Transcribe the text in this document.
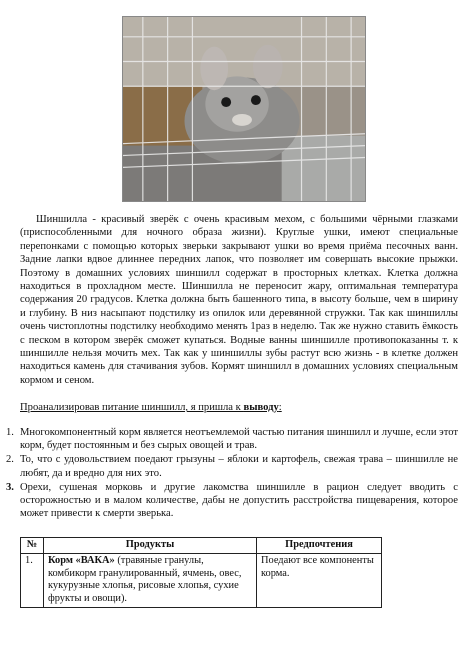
Шиншилла - красивый зверёк с очень красивым мехом, с большими чёрными глазками (приспособленными для ночного образа жизни). Круглые ушки, имеют специальные перепонками с помощью которых зверьки закрывают ушки во время приёма песочных ванн. Задние лапки вдвое длиннее передних лапок, что позволяет им совершать высокие прыжки. Поэтому в домашних условиях шиншилл содержат в просторных клетках. Клетка должна находиться в прохладном месте. Шиншилла не переносит жару, оптимальная температура содержания 20 градусов. Клетка должна быть башенного типа, в высоту больше, чем в ширину и глубину. В низ насыпают подстилку из опилок или деревянной стружки. Так как шиншиллы очень чистоплотны подстилку необходимо менять 1раз в неделю. Так же нужно ставить ёмкость с песком в котором зверёк сможет купаться. Водные ванны шиншилле противопоказанны т. к шиншилле нельзя мочить мех. Так как у шиншиллы зубы растут всю жизнь - в клетке должен находиться камень для стачивания зубов. Кормят шиншилл в домашних условиях специальным кормом и сеном.

Проанализировав питание шиншилл, я пришла к выводу:

1. Многокомпонентный корм является неотъемлемой частью питания шиншилл и лучше, если этот корм, будет постоянным и без сырых овощей и трав.
2. То, что с удовольствием поедают грызуны – яблоки и картофель, свежая трава – шиншилле не любят, да и вредно для них это.
3. Орехи, сушеная морковь и другие лакомства шиншилле в рацион следует вводить с осторожностью и в малом количестве, дабы не допустить расстройства пищеварения, которое может привести к смерти зверька.
№	Продукты	Предпочтения
1.	Корм «ВАКА» (травяные гранулы, комбикорм гранулированный, ячмень, овес, кукурузные хлопья, рисовые хлопья, сухие фрукты и овощи).	Поедают все компоненты корма.
